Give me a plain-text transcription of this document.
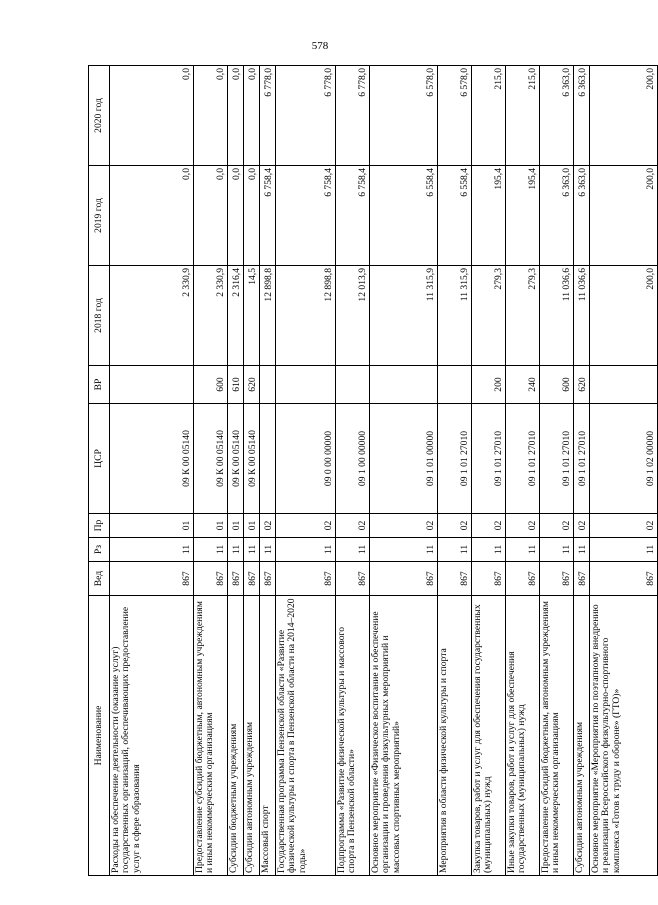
578
Наименование	Вед	Рз	Пр	ЦСР	ВР	2018 год	2019 год	2020 год
Расходы на обеспечение деятельности (оказание услуг) государственных организаций, обеспечивающих предоставление услуг в сфере образования	867	11	01	09 К 00 05140		2 330,9	0,0	0,0
Предоставление субсидий бюджетным, автономным учреждениям и иным некоммерческим организациям	867	11	01	09 К 00 05140	600	2 330,9	0,0	0,0
Субсидии бюджетным учреждениям	867	11	01	09 К 00 05140	610	2 316,4	0,0	0,0
Субсидии автономным учреждениям	867	11	01	09 К 00 05140	620	14,5	0,0	0,0
Массовый спорт	867	11	02			12 898,8	6 758,4	6 778,0
Государственная программа Пензенской области «Развитие физической культуры и спорта в Пензенской области на 2014–2020 годы»	867	11	02	09 0 00 00000		12 898,8	6 758,4	6 778,0
Подпрограмма «Развитие физической культуры и массового спорта в Пензенской области»	867	11	02	09 1 00 00000		12 013,9	6 758,4	6 778,0
Основное мероприятие «Физическое воспитание и обеспечение организации и проведения физкультурных мероприятий и массовых спортивных мероприятий»	867	11	02	09 1 01 00000		11 315,9	6 558,4	6 578,0
Мероприятия в области физической культуры и спорта	867	11	02	09 1 01 27010		11 315,9	6 558,4	6 578,0
Закупка товаров, работ и услуг для обеспечения государственных (муниципальных) нужд	867	11	02	09 1 01 27010	200	279,3	195,4	215,0
Иные закупки товаров, работ и услуг для обеспечения государственных (муниципальных) нужд	867	11	02	09 1 01 27010	240	279,3	195,4	215,0
Предоставление субсидий бюджетным, автономным учреждениям и иным некоммерческим организациям	867	11	02	09 1 01 27010	600	11 036,6	6 363,0	6 363,0
Субсидии автономным учреждениям	867	11	02	09 1 01 27010	620	11 036,6	6 363,0	6 363,0
Основное мероприятие «Мероприятия по поэтапному внедрению и реализации Всероссийского физкультурно-спортивного комплекса «Готов к труду и обороне» (ГТО)»	867	11	02	09 1 02 00000		200,0	200,0	200,0
